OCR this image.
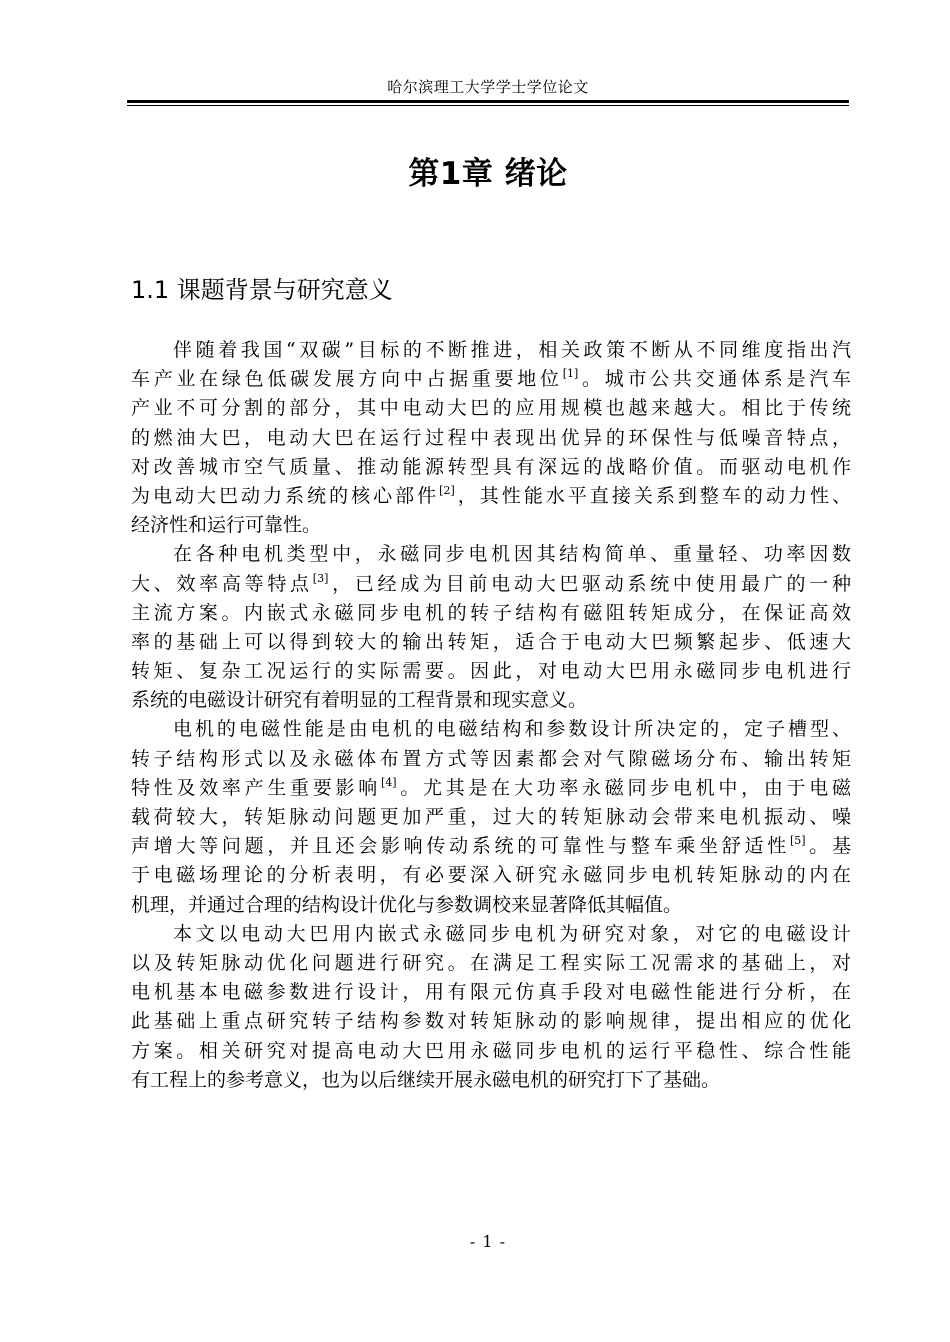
哈尔滨理工大学学士学位论文
第1章 绪论
1.1 课题背景与研究意义
伴随着我国“双碳”目标的不断推进，相关政策不断从不同维度指出汽
车产业在绿色低碳发展方向中占据重要地位[1]。城市公共交通体系是汽车
产业不可分割的部分，其中电动大巴的应用规模也越来越大。相比于传统
的燃油大巴，电动大巴在运行过程中表现出优异的环保性与低噪音特点，
对改善城市空气质量、推动能源转型具有深远的战略价值。而驱动电机作
为电动大巴动力系统的核心部件[2]，其性能水平直接关系到整车的动力性、
经济性和运行可靠性。
在各种电机类型中，永磁同步电机因其结构简单、重量轻、功率因数
大、效率高等特点[3]，已经成为目前电动大巴驱动系统中使用最广的一种
主流方案。内嵌式永磁同步电机的转子结构有磁阻转矩成分，在保证高效
率的基础上可以得到较大的输出转矩，适合于电动大巴频繁起步、低速大
转矩、复杂工况运行的实际需要。因此，对电动大巴用永磁同步电机进行
系统的电磁设计研究有着明显的工程背景和现实意义。
电机的电磁性能是由电机的电磁结构和参数设计所决定的，定子槽型、
转子结构形式以及永磁体布置方式等因素都会对气隙磁场分布、输出转矩
特性及效率产生重要影响[4]。尤其是在大功率永磁同步电机中，由于电磁
载荷较大，转矩脉动问题更加严重，过大的转矩脉动会带来电机振动、噪
声增大等问题，并且还会影响传动系统的可靠性与整车乘坐舒适性[5]。基
于电磁场理论的分析表明，有必要深入研究永磁同步电机转矩脉动的内在
机理，并通过合理的结构设计优化与参数调校来显著降低其幅值。
本文以电动大巴用内嵌式永磁同步电机为研究对象，对它的电磁设计
以及转矩脉动优化问题进行研究。在满足工程实际工况需求的基础上，对
电机基本电磁参数进行设计，用有限元仿真手段对电磁性能进行分析，在
此基础上重点研究转子结构参数对转矩脉动的影响规律，提出相应的优化
方案。相关研究对提高电动大巴用永磁同步电机的运行平稳性、综合性能
有工程上的参考意义，也为以后继续开展永磁电机的研究打下了基础。
- 1 -
